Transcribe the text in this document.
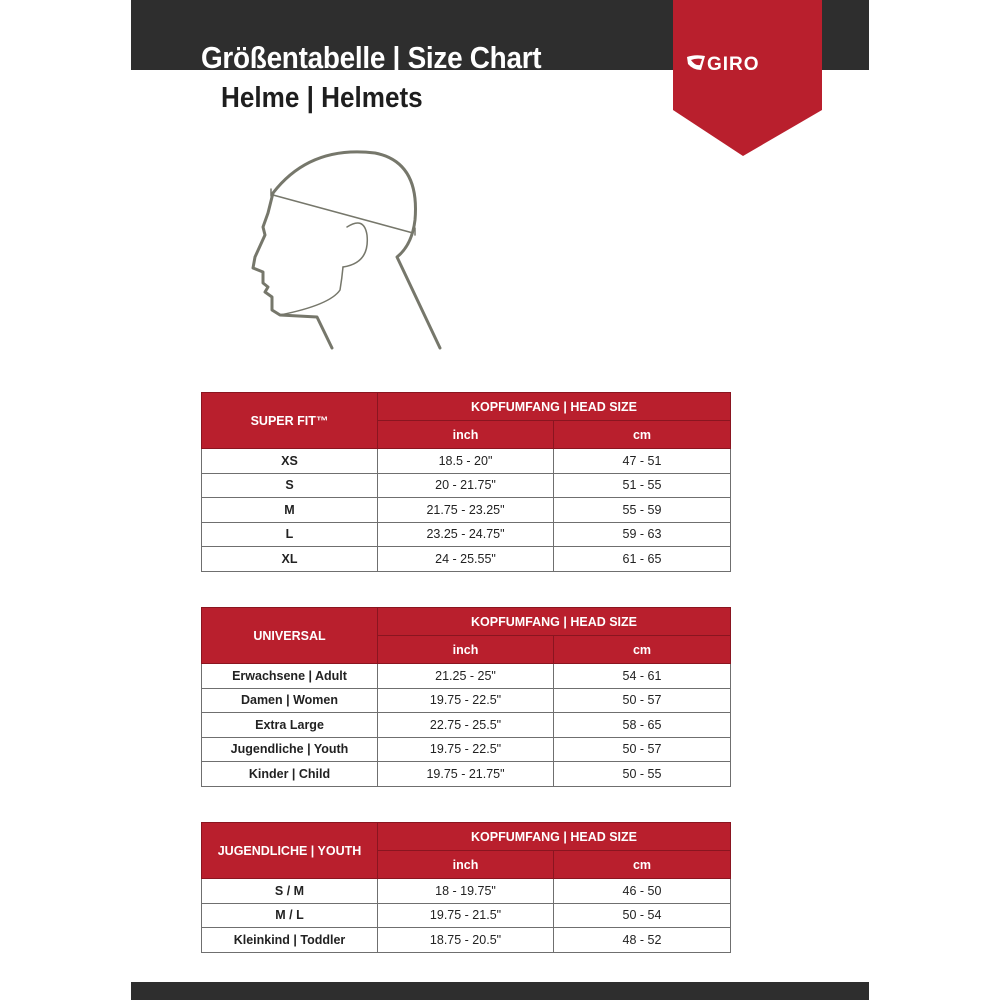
GIRO
Größentabelle | Size Chart
Helme | Helmets
SUPER FIT™	KOPFUMFANG | HEAD SIZE	
	inch	cm
XS	18.5 - 20"	47 - 51
S	20 - 21.75"	51 - 55
M	21.75 - 23.25"	55 - 59
L	23.25 - 24.75"	59 - 63
XL	24 - 25.55"	61 - 65
UNIVERSAL	KOPFUMFANG | HEAD SIZE	
	inch	cm
Erwachsene | Adult	21.25 - 25"	54 - 61
Damen | Women	19.75 - 22.5"	50 - 57
Extra Large	22.75 - 25.5"	58 - 65
Jugendliche | Youth	19.75 - 22.5"	50 - 57
Kinder | Child	19.75 - 21.75"	50 - 55
JUGENDLICHE | YOUTH	KOPFUMFANG | HEAD SIZE	
	inch	cm
S / M	18 - 19.75"	46 - 50
M / L	19.75 - 21.5"	50 - 54
Kleinkind | Toddler	18.75 - 20.5"	48 - 52
